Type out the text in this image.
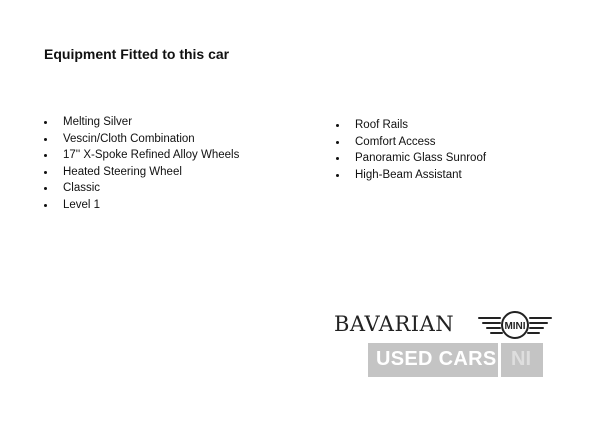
Equipment Fitted to this car
Melting Silver
Vescin/Cloth Combination
17'' X-Spoke Refined Alloy Wheels
Heated Steering Wheel
Classic
Level 1
Roof Rails
Comfort Access
Panoramic Glass Sunroof
High-Beam Assistant
BAVARIAN	MINI
USED CARS NI
